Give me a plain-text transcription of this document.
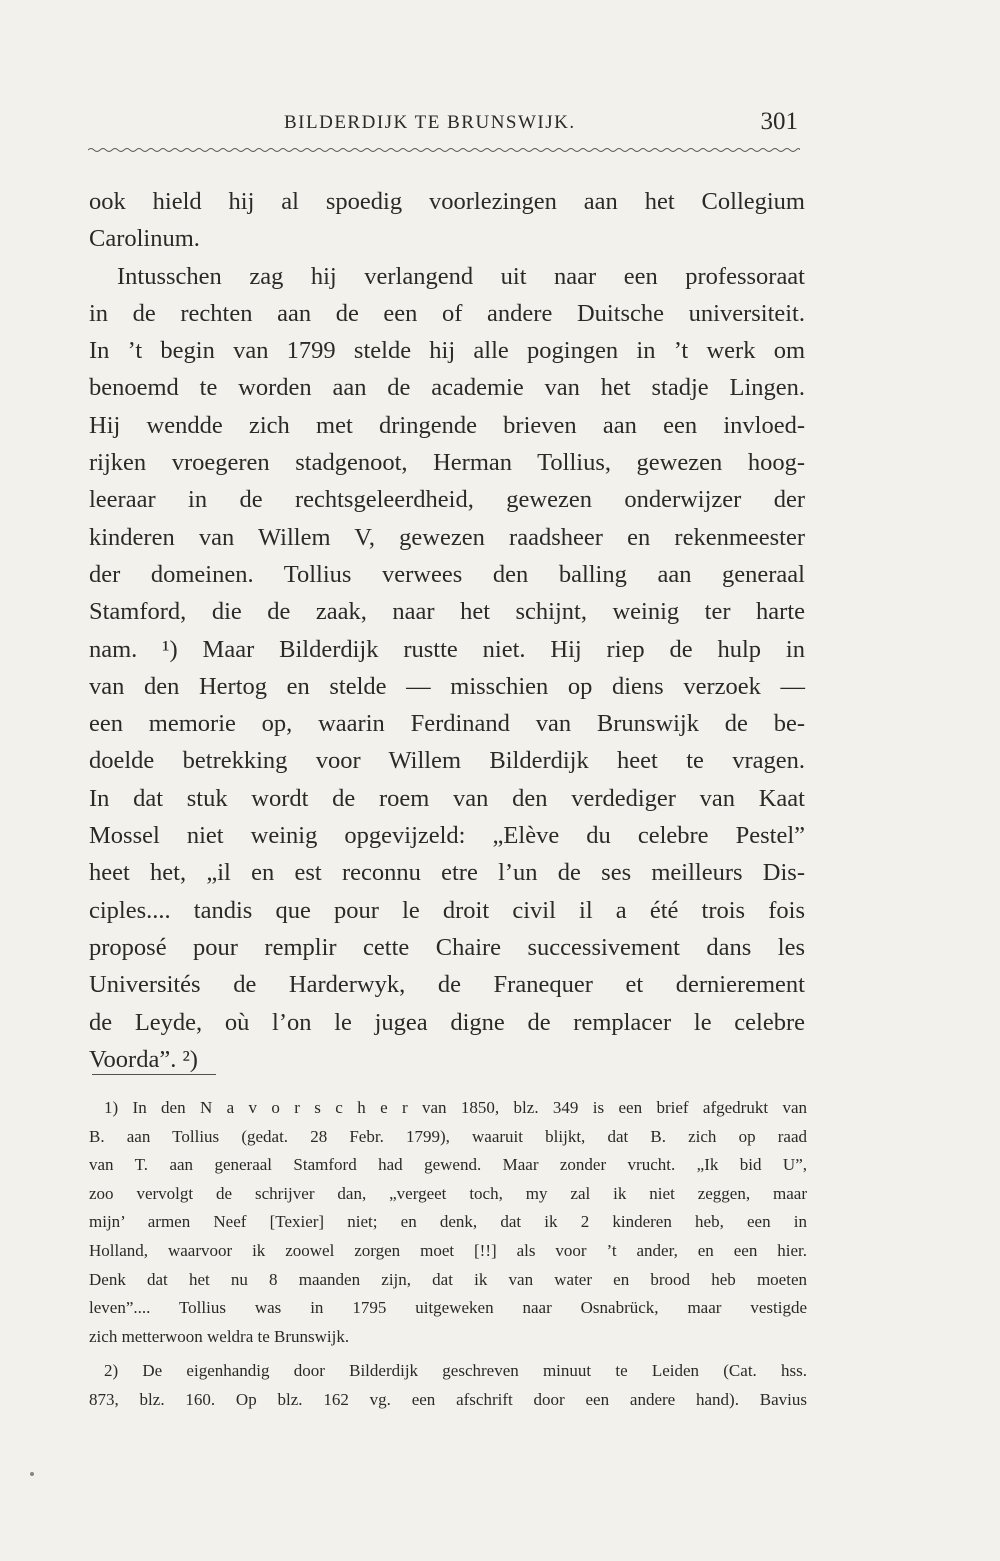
BILDERDIJK TE BRUNSWIJK.	301
ook hield hij al spoedig voorlezingen aan het Collegium
Carolinum.
Intusschen zag hij verlangend uit naar een professoraat
in de rechten aan de een of andere Duitsche universiteit.
In ’t begin van 1799 stelde hij alle pogingen in ’t werk om
benoemd te worden aan de academie van het stadje Lingen.
Hij wendde zich met dringende brieven aan een invloed-
rijken vroegeren stadgenoot, Herman Tollius, gewezen hoog-
leeraar in de rechtsgeleerdheid, gewezen onderwijzer der
kinderen van Willem V, gewezen raadsheer en rekenmeester
der domeinen. Tollius verwees den balling aan generaal
Stamford, die de zaak, naar het schijnt, weinig ter harte
nam. ¹) Maar Bilderdijk rustte niet. Hij riep de hulp in
van den Hertog en stelde — misschien op diens verzoek —
een memorie op, waarin Ferdinand van Brunswijk de be-
doelde betrekking voor Willem Bilderdijk heet te vragen.
In dat stuk wordt de roem van den verdediger van Kaat
Mossel niet weinig opgevijzeld: „Elève du celebre Pestel”
heet het, „il en est reconnu etre l’un de ses meilleurs Dis-
ciples.... tandis que pour le droit civil il a été trois fois
proposé pour remplir cette Chaire successivement dans les
Universités de Harderwyk, de Franequer et dernierement
de Leyde, où l’on le jugea digne de remplacer le celebre
Voorda”. ²)
1) In den N a v o r s c h e r van 1850, blz. 349 is een brief afgedrukt van
B. aan Tollius (gedat. 28 Febr. 1799), waaruit blijkt, dat B. zich op raad
van T. aan generaal Stamford had gewend. Maar zonder vrucht. „Ik bid U”,
zoo vervolgt de schrijver dan, „vergeet toch, my zal ik niet zeggen, maar
mijn’ armen Neef [Texier] niet; en denk, dat ik 2 kinderen heb, een in
Holland, waarvoor ik zoowel zorgen moet [!!] als voor ’t ander, en een hier.
Denk dat het nu 8 maanden zijn, dat ik van water en brood heb moeten
leven”.... Tollius was in 1795 uitgeweken naar Osnabrück, maar vestigde
zich metterwoon weldra te Brunswijk.
2) De eigenhandig door Bilderdijk geschreven minuut te Leiden (Cat. hss.
873, blz. 160. Op blz. 162 vg. een afschrift door een andere hand). Bavius
